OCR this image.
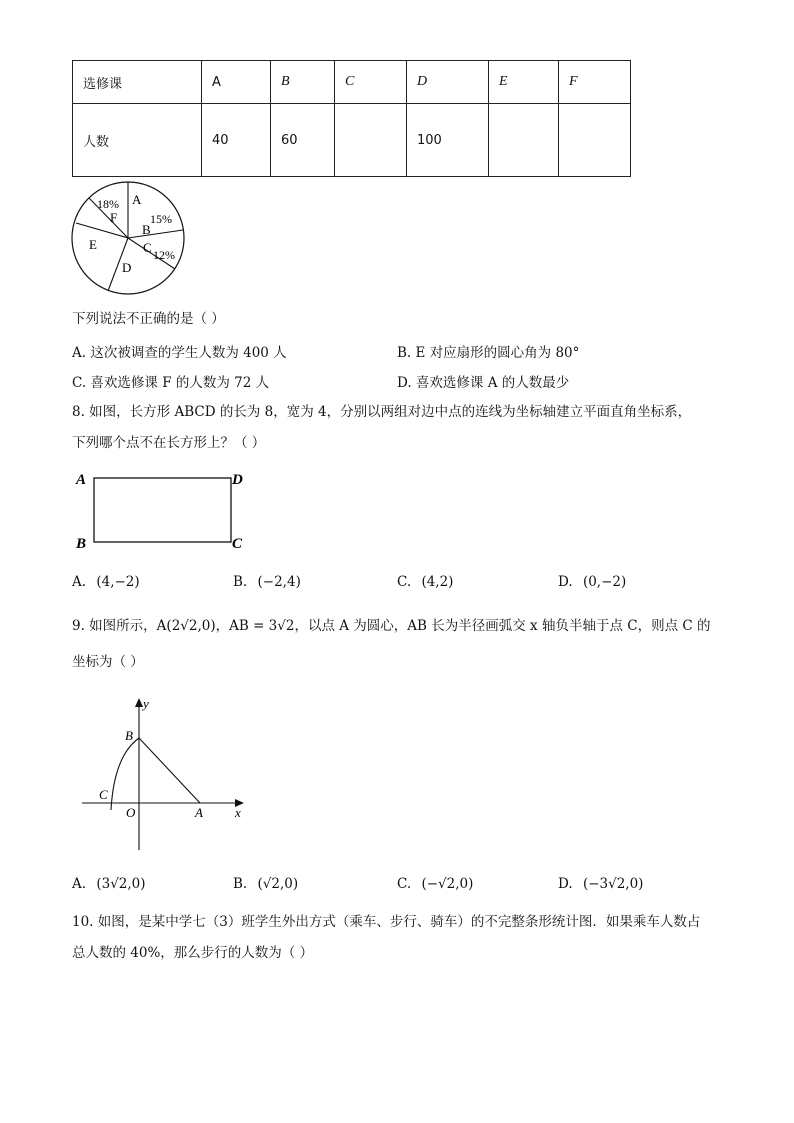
选修课	A	B	C	D	E	F
人数	40	60		100		
A
15%
B
C 12%
D
E
18%
F
下列说法不正确的是（ ）
A. 这次被调查的学生人数为 400 人	B. E 对应扇形的圆心角为 80°
C. 喜欢选修课 F 的人数为 72 人	D. 喜欢选修课 A 的人数最少
8. 如图，长方形 ABCD 的长为 8，宽为 4，分别以两组对边中点的连线为坐标轴建立平面直角坐标系，
下列哪个点不在长方形上？（ ）
A	D
B	C
A. (4,−2)	B. (−2,4)	C. (4,2)	D. (0,−2)
9. 如图所示，A(2√2,0)，AB = 3√2，以点 A 为圆心，AB 长为半径画弧交 x 轴负半轴于点 C，则点 C 的
坐标为（ ）
y
B
C
O	A x
A. (3√2,0)	B. (√2,0)	C. (−√2,0)	D. (−3√2,0)
10. 如图，是某中学七（3）班学生外出方式（乘车、步行、骑车）的不完整条形统计图．如果乘车人数占
总人数的 40%，那么步行的人数为（ ）
